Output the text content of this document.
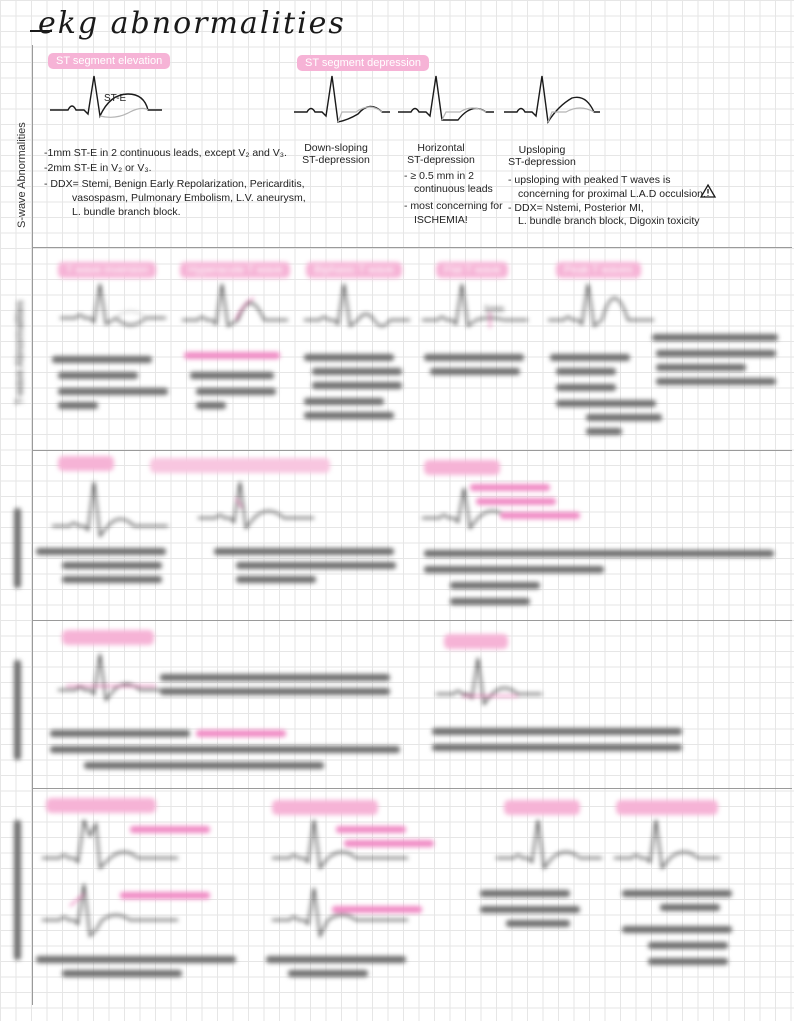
ekg abnormalities
S-wave Abnormalities
ST segment elevation
ST-E
-1mm ST-E in 2 continuous leads, except V₂ and V₃.
-2mm ST-E in V₂ or V₃.
- DDX= Stemi, Benign Early Repolarization, Pericarditis,
vasospasm, Pulmonary Embolism, L.V. aneurysm,
L. bundle branch block.
ST segment depression
Down-sloping
ST-depression
Horizontal
ST-depression
Upsloping
ST-depression
- ≥ 0.5 mm in 2
continuous leads
- most concerning for
ISCHEMIA!
- upsloping with peaked T waves is
concerning for proximal L.A.D occulsion.
- DDX= Nstemi, Posterior MI,
L. bundle branch block, Digoxin toxicity
T-wave Abnormalities
T wave inversion	Hyperacute T wave	Biphasic T wave	Flat T wave	Peak T waves
1mm
